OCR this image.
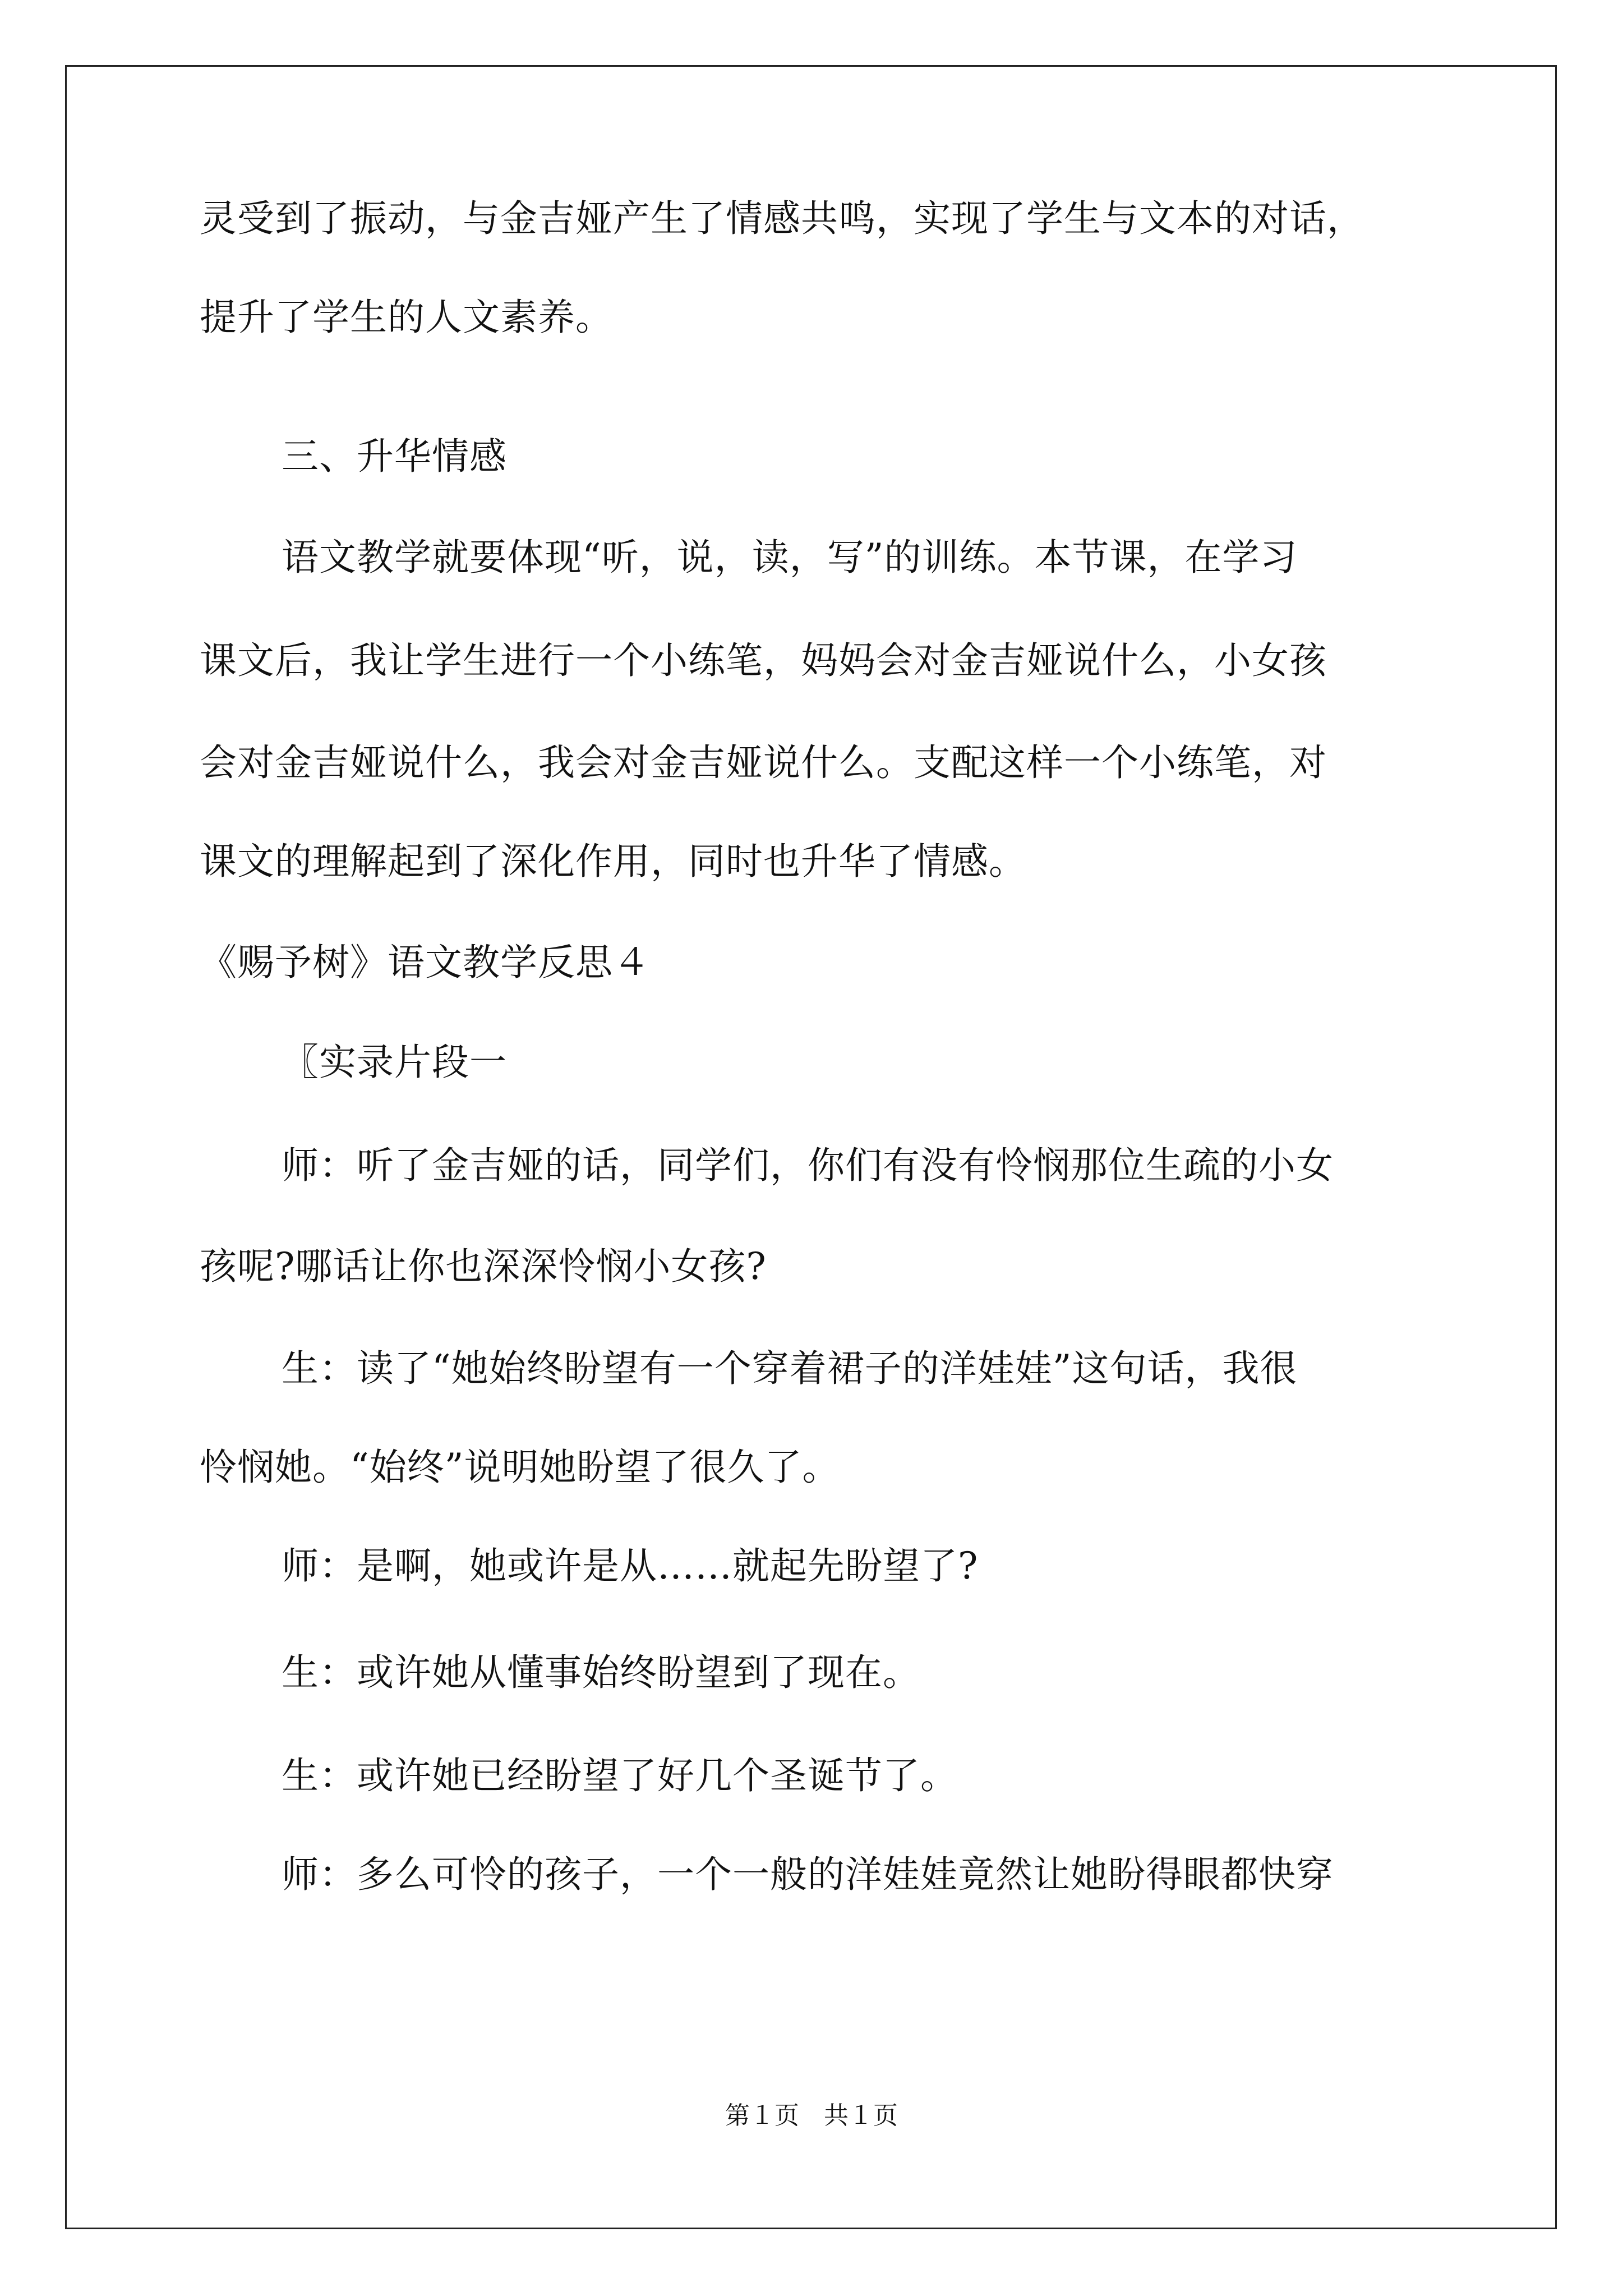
灵受到了振动，与金吉娅产生了情感共鸣，实现了学生与文本的对话，
提升了学生的人文素养。
三、升华情感
语文教学就要体现“听，说，读，写”的训练。本节课，在学习
课文后，我让学生进行一个小练笔，妈妈会对金吉娅说什么，小女孩
会对金吉娅说什么，我会对金吉娅说什么。支配这样一个小练笔，对
课文的理解起到了深化作用，同时也升华了情感。
《赐予树》语文教学反思４
〖实录片段一
师：听了金吉娅的话，同学们，你们有没有怜悯那位生疏的小女
孩呢?哪话让你也深深怜悯小女孩?
生：读了“她始终盼望有一个穿着裙子的洋娃娃”这句话，我很
怜悯她。“始终”说明她盼望了很久了。
师：是啊，她或许是从……就起先盼望了?
生：或许她从懂事始终盼望到了现在。
生：或许她已经盼望了好几个圣诞节了。
师：多么可怜的孩子，一个一般的洋娃娃竟然让她盼得眼都快穿
第１页　共１页
